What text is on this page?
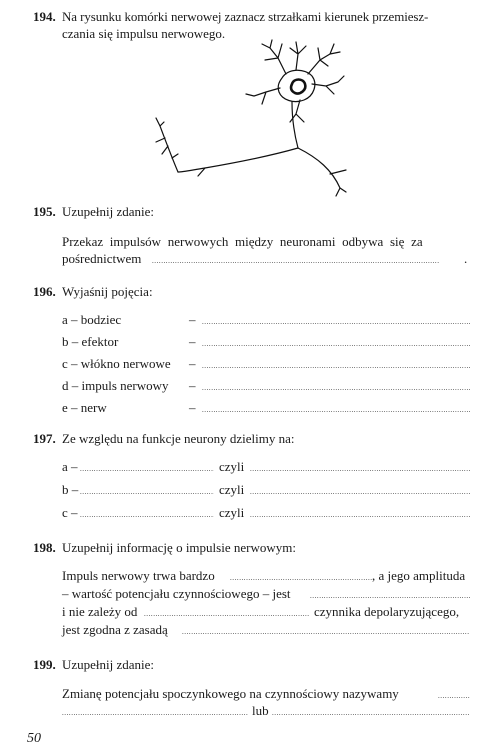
194. Na rysunku komórki nerwowej zaznacz strzałkami kierunek przemiesz-
czania się impulsu nerwowego.
195. Uzupełnij zdanie:
Przekaz impulsów nerwowych między neuronami odbywa się za
pośrednictwem . . .	.
196. Wyjaśnij pojęcia:
a – bodziec	–
. . .
b – efektor	–
. . .
c – włókno nerwowe –
. . .
d – impuls nerwowy –
. . .
e – nerw	–
. . .
197. Ze względu na funkcje neurony dzielimy na:
a – . . .	czyli
. . .
b – . . .	czyli
. . .
c – . . .	czyli
. . .
198. Uzupełnij informację o impulsie nerwowym:
Impuls nerwowy trwa bardzo . . .	, a jego amplituda
– wartość potencjału czynnościowego – jest
. . .
i nie zależy od . . .	czynnika depolaryzującego,
jest zgodna z zasadą
. . .
199. Uzupełnij zdanie:
Zmianę potencjału spoczynkowego na czynnościowy nazywamy
. . .
. . .
lub
. . .
50
